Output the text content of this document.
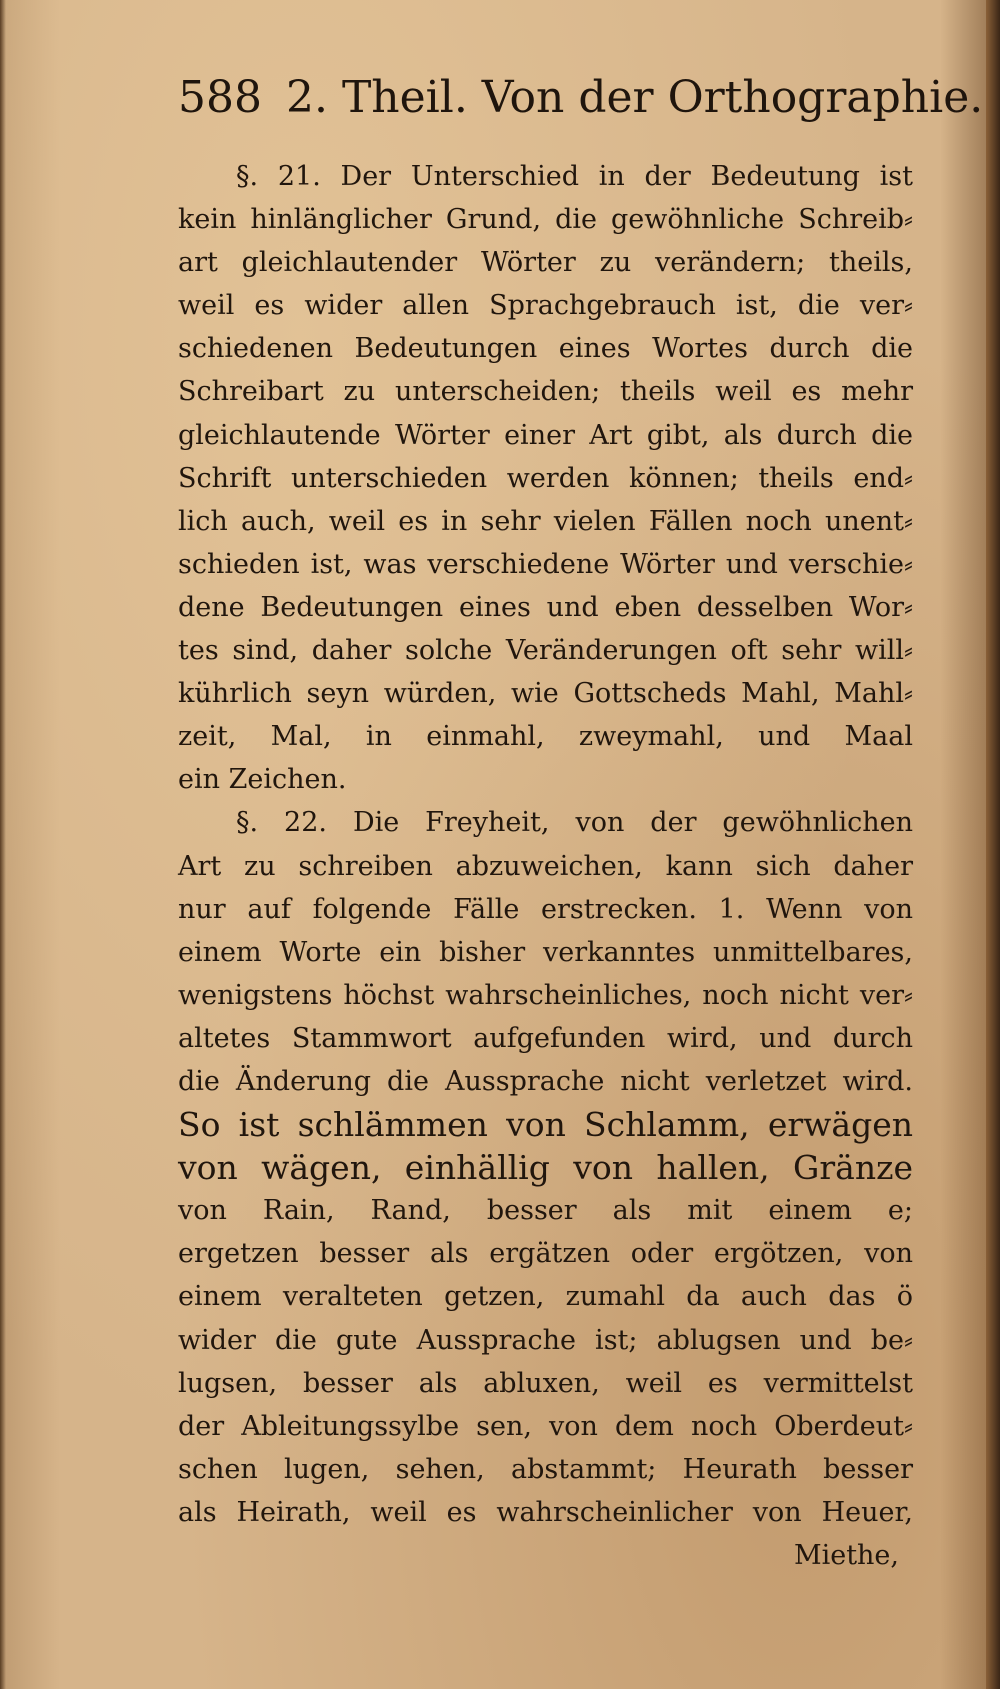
588 2. Theil. Von der Orthographie.
§. 21. Der Unterschied in der Bedeutung ist
kein hinlänglicher Grund, die gewöhnliche Schreib⸗
art gleichlautender Wörter zu verändern; theils,
weil es wider allen Sprachgebrauch ist, die ver⸗
schiedenen Bedeutungen eines Wortes durch die
Schreibart zu unterscheiden; theils weil es mehr
gleichlautende Wörter einer Art gibt, als durch die
Schrift unterschieden werden können; theils end⸗
lich auch, weil es in sehr vielen Fällen noch unent⸗
schieden ist, was verschiedene Wörter und verschie⸗
dene Bedeutungen eines und eben desselben Wor⸗
tes sind, daher solche Veränderungen oft sehr will⸗
kührlich seyn würden, wie Gottscheds Mahl, Mahl⸗
zeit, Mal, in einmahl, zweymahl, und Maal
ein Zeichen.
§. 22. Die Freyheit, von der gewöhnlichen
Art zu schreiben abzuweichen, kann sich daher
nur auf folgende Fälle erstrecken. 1. Wenn von
einem Worte ein bisher verkanntes unmittelbares,
wenigstens höchst wahrscheinliches, noch nicht ver⸗
altetes Stammwort aufgefunden wird, und durch
die Änderung die Aussprache nicht verletzet wird.
So ist schlämmen von Schlamm, erwägen
von wägen, einhällig von hallen, Gränze
von Rain, Rand, besser als mit einem e;
ergetzen besser als ergätzen oder ergötzen, von
einem veralteten getzen, zumahl da auch das ö
wider die gute Aussprache ist; ablugsen und be⸗
lugsen, besser als abluxen, weil es vermittelst
der Ableitungssylbe sen, von dem noch Oberdeut⸗
schen lugen, sehen, abstammt; Heurath besser
als Heirath, weil es wahrscheinlicher von Heuer,
Miethe,
